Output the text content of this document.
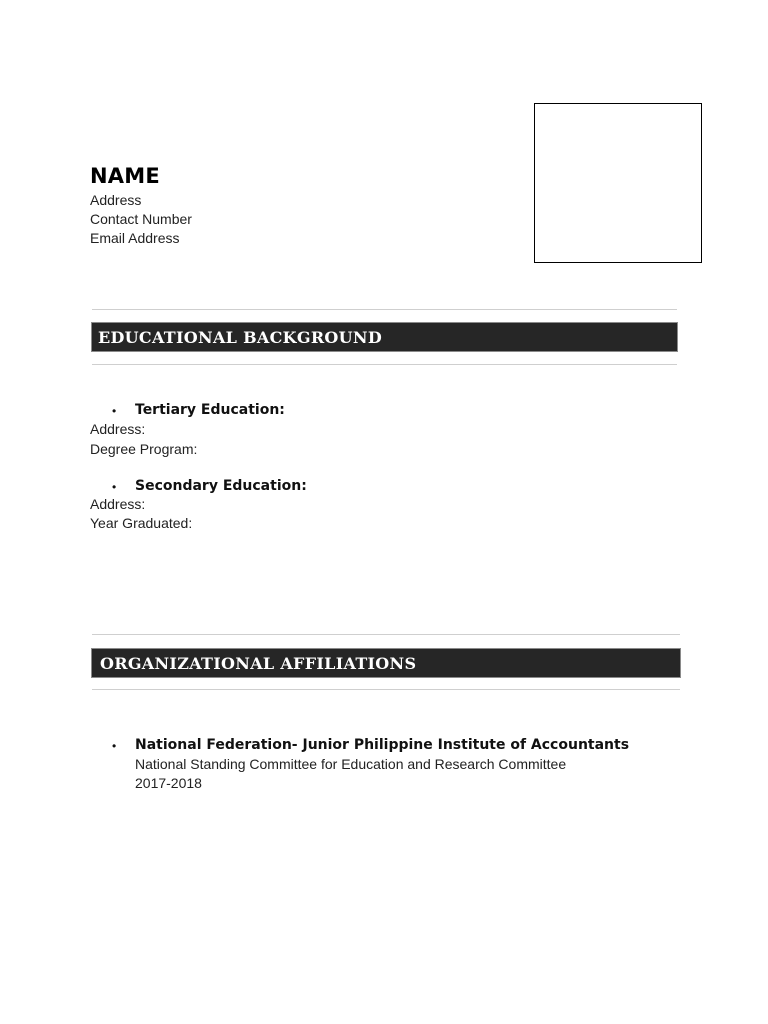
NAME
Address
Contact Number
Email Address
EDUCATIONAL BACKGROUND
• Tertiary Education:
Address:
Degree Program:
• Secondary Education:
Address:
Year Graduated:
ORGANIZATIONAL AFFILIATIONS
• National Federation- Junior Philippine Institute of Accountants
National Standing Committee for Education and Research Committee
2017-2018
